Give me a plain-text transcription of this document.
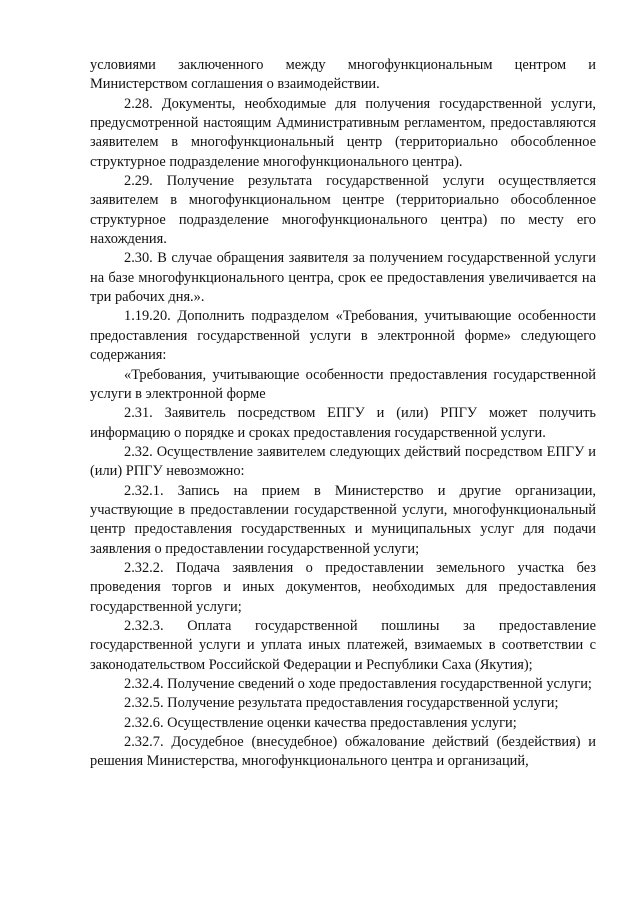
условиями заключенного между многофункциональным центром и Министерством соглашения о взаимодействии.

2.28. Документы, необходимые для получения государственной услуги, предусмотренной настоящим Административным регламентом, предоставляются заявителем в многофункциональный центр (территориально обособленное структурное подразделение многофункционального центра).

2.29. Получение результата государственной услуги осуществляется заявителем в многофункциональном центре (территориально обособленное структурное подразделение многофункционального центра) по месту его нахождения.

2.30. В случае обращения заявителя за получением государственной услуги на базе многофункционального центра, срок ее предоставления увеличивается на три рабочих дня.».

1.19.20. Дополнить подразделом «Требования, учитывающие особенности предоставления государственной услуги в электронной форме» следующего содержания:

«Требования, учитывающие особенности предоставления государственной услуги в электронной форме

2.31. Заявитель посредством ЕПГУ и (или) РПГУ может получить информацию о порядке и сроках предоставления государственной услуги.

2.32. Осуществление заявителем следующих действий посредством ЕПГУ и (или) РПГУ невозможно:

2.32.1. Запись на прием в Министерство и другие организации, участвующие в предоставлении государственной услуги, многофункциональный центр предоставления государственных и муниципальных услуг для подачи заявления о предоставлении государственной услуги;

2.32.2. Подача заявления о предоставлении земельного участка без проведения торгов и иных документов, необходимых для предоставления государственной услуги;

2.32.3. Оплата государственной пошлины за предоставление государственной услуги и уплата иных платежей, взимаемых в соответствии с законодательством Российской Федерации и Республики Саха (Якутия);

2.32.4. Получение сведений о ходе предоставления государственной услуги;

2.32.5. Получение результата предоставления государственной услуги;

2.32.6. Осуществление оценки качества предоставления услуги;

2.32.7. Досудебное (внесудебное) обжалование действий (бездействия) и решения Министерства, многофункционального центра и организаций,
